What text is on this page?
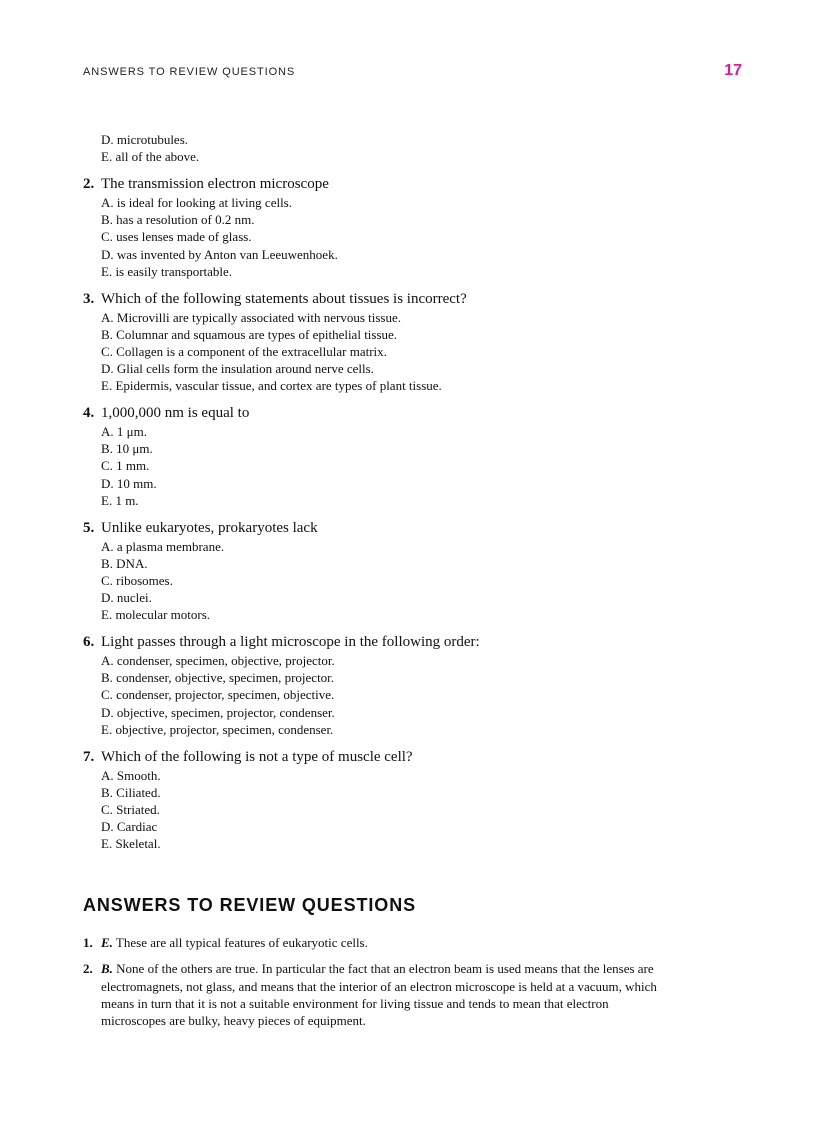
ANSWERS TO REVIEW QUESTIONS	17

D. microtubules.

E. all of the above.

2. The transmission electron microscope

A. is ideal for looking at living cells.

B. has a resolution of 0.2 nm.

C. uses lenses made of glass.

D. was invented by Anton van Leeuwenhoek.

E. is easily transportable.

3. Which of the following statements about tissues is incorrect?

A. Microvilli are typically associated with nervous tissue.

B. Columnar and squamous are types of epithelial tissue.

C. Collagen is a component of the extracellular matrix.

D. Glial cells form the insulation around nerve cells.

E. Epidermis, vascular tissue, and cortex are types of plant tissue.

4. 1,000,000 nm is equal to

A. 1 μm.

B. 10 μm.

C. 1 mm.

D. 10 mm.

E. 1 m.

5. Unlike eukaryotes, prokaryotes lack

A. a plasma membrane.

B. DNA.

C. ribosomes.

D. nuclei.

E. molecular motors.

6. Light passes through a light microscope in the following order:

A. condenser, specimen, objective, projector.

B. condenser, objective, specimen, projector.

C. condenser, projector, specimen, objective.

D. objective, specimen, projector, condenser.

E. objective, projector, specimen, condenser.

7. Which of the following is not a type of muscle cell?

A. Smooth.

B. Ciliated.

C. Striated.

D. Cardiac

E. Skeletal.

ANSWERS TO REVIEW QUESTIONS
1. E. These are all typical features of eukaryotic cells.
2. B. None of the others are true. In particular the fact that an electron beam is used means that the lenses are electromagnets, not glass, and means that the interior of an electron microscope is held at a vacuum, which means in turn that it is not a suitable environment for living tissue and tends to mean that electron microscopes are bulky, heavy pieces of equipment.
